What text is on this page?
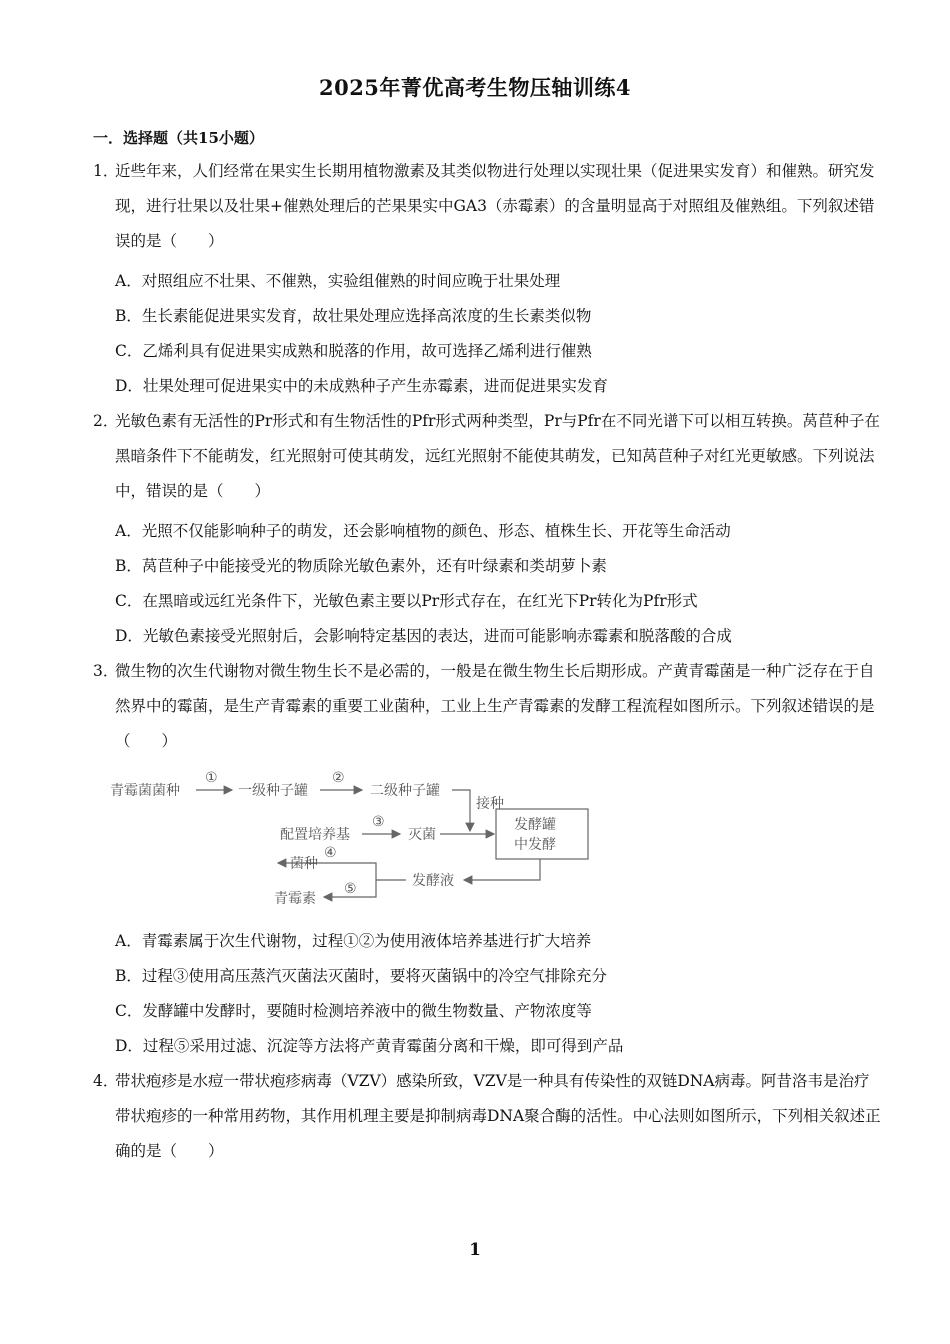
2025年菁优高考生物压轴训练4
一．选择题（共15小题）
1．
近些年来，人们经常在果实生长期用植物激素及其类似物进行处理以实现壮果（促进果实发育）和催熟。研究发现，进行壮果以及壮果+催熟处理后的芒果果实中GA3（赤霉素）的含量明显高于对照组及催熟组。下列叙述错误的是（　　）
A．对照组应不壮果、不催熟，实验组催熟的时间应晚于壮果处理
B．生长素能促进果实发育，故壮果处理应选择高浓度的生长素类似物
C．乙烯利具有促进果实成熟和脱落的作用，故可选择乙烯利进行催熟
D．壮果处理可促进果实中的未成熟种子产生赤霉素，进而促进果实发育
2．
光敏色素有无活性的Pr形式和有生物活性的Pfr形式两种类型，Pr与Pfr在不同光谱下可以相互转换。莴苣种子在黑暗条件下不能萌发，红光照射可使其萌发，远红光照射不能使其萌发，已知莴苣种子对红光更敏感。下列说法中，错误的是（　　）
A．光照不仅能影响种子的萌发，还会影响植物的颜色、形态、植株生长、开花等生命活动
B．莴苣种子中能接受光的物质除光敏色素外，还有叶绿素和类胡萝卜素
C．在黑暗或远红光条件下，光敏色素主要以Pr形式存在，在红光下Pr转化为Pfr形式
D．光敏色素接受光照射后，会影响特定基因的表达，进而可能影响赤霉素和脱落酸的合成
3．
微生物的次生代谢物对微生物生长不是必需的，一般是在微生物生长后期形成。产黄青霉菌是一种广泛存在于自然界中的霉菌，是生产青霉素的重要工业菌种，工业上生产青霉素的发酵工程流程如图所示。下列叙述错误的是（　　）
青霉菌菌种
①
一级种子罐
②
二级种子罐
接种
配置培养基
③
灭菌
发酵罐
中发酵
发酵液
菌种
④
青霉素
⑤
A．青霉素属于次生代谢物，过程①②为使用液体培养基进行扩大培养
B．过程③使用高压蒸汽灭菌法灭菌时，要将灭菌锅中的冷空气排除充分
C．发酵罐中发酵时，要随时检测培养液中的微生物数量、产物浓度等
D．过程⑤采用过滤、沉淀等方法将产黄青霉菌分离和干燥，即可得到产品
4．
带状疱疹是水痘一带状疱疹病毒（VZV）感染所致，VZV是一种具有传染性的双链DNA病毒。阿昔洛韦是治疗带状疱疹的一种常用药物，其作用机理主要是抑制病毒DNA聚合酶的活性。中心法则如图所示，下列相关叙述正确的是（　　）
1
